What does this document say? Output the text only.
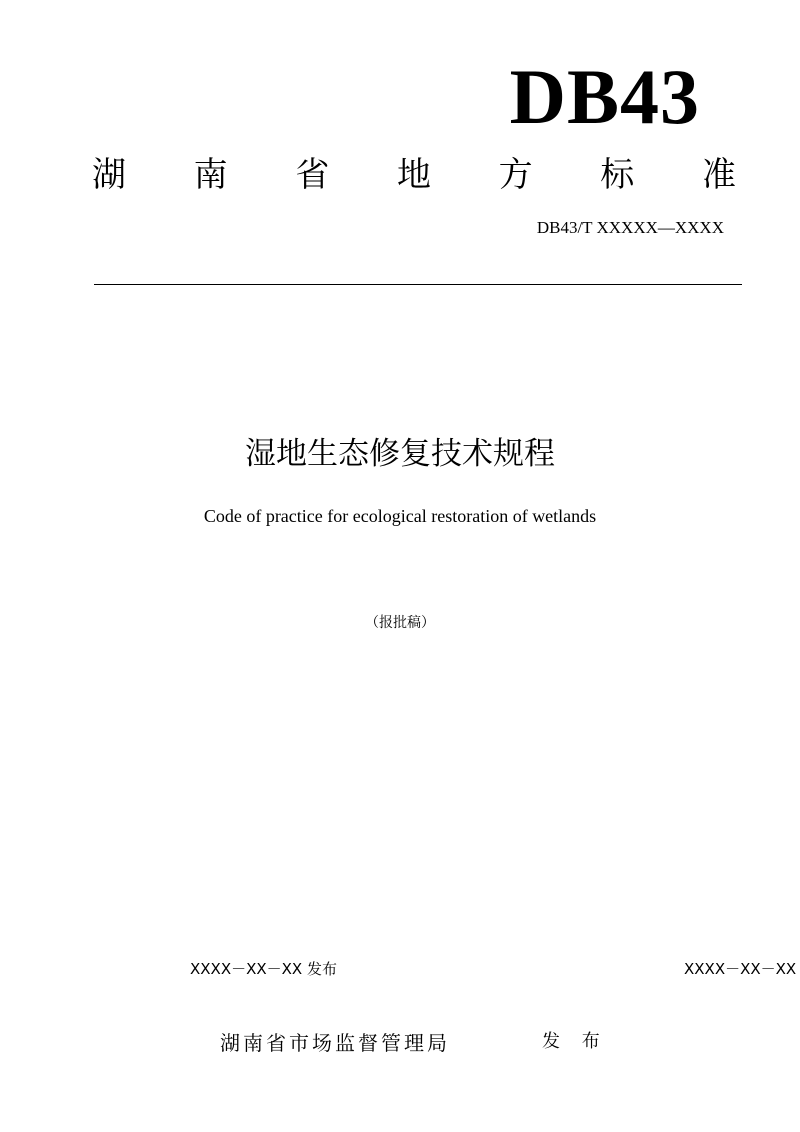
DB43
湖 南 省 地 方 标 准
DB43/T XXXXX—XXXX
湿地生态修复技术规程
Code of practice for ecological restoration of wetlands
（报批稿）
XXXX－XX－XX 发布	XXXX－XX－XX
湖南省市场监督管理局	发 布
